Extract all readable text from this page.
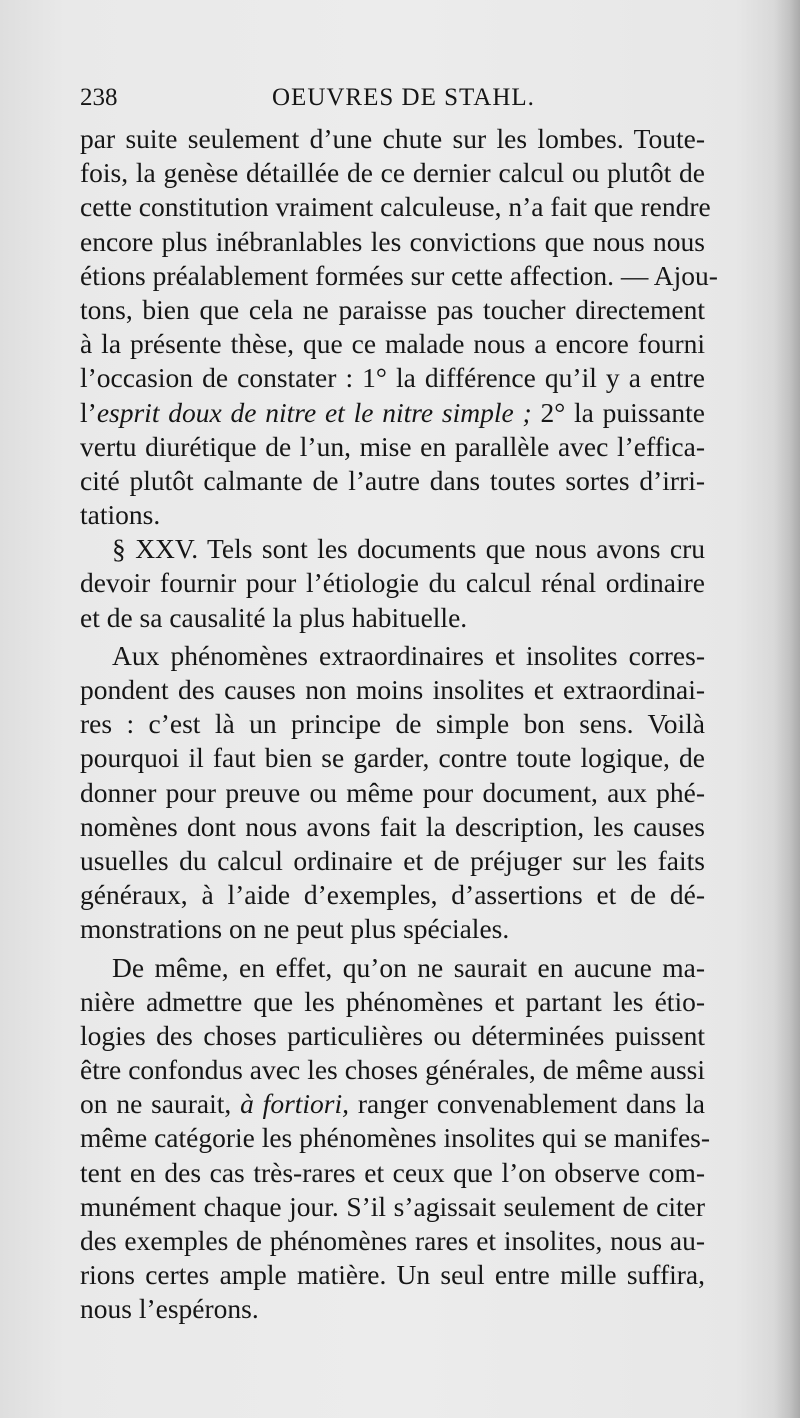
238	OEUVRES DE STAHL.
par suite seulement d’une chute sur les lombes. Toute-
fois, la genèse détaillée de ce dernier calcul ou plutôt de
cette constitution vraiment calculeuse, n’a fait que rendre
encore plus inébranlables les convictions que nous nous
étions préalablement formées sur cette affection. — Ajou-
tons, bien que cela ne paraisse pas toucher directement
à la présente thèse, que ce malade nous a encore fourni
l’occasion de constater : 1° la différence qu’il y a entre
l’esprit doux de nitre et le nitre simple ; 2° la puissante
vertu diurétique de l’un, mise en parallèle avec l’effica-
cité plutôt calmante de l’autre dans toutes sortes d’irri-
tations.
§ XXV. Tels sont les documents que nous avons cru
devoir fournir pour l’étiologie du calcul rénal ordinaire
et de sa causalité la plus habituelle.
Aux phénomènes extraordinaires et insolites corres-
pondent des causes non moins insolites et extraordinai-
res : c’est là un principe de simple bon sens. Voilà
pourquoi il faut bien se garder, contre toute logique, de
donner pour preuve ou même pour document, aux phé-
nomènes dont nous avons fait la description, les causes
usuelles du calcul ordinaire et de préjuger sur les faits
généraux, à l’aide d’exemples, d’assertions et de dé-
monstrations on ne peut plus spéciales.
De même, en effet, qu’on ne saurait en aucune ma-
nière admettre que les phénomènes et partant les étio-
logies des choses particulières ou déterminées puissent
être confondus avec les choses générales, de même aussi
on ne saurait, à fortiori, ranger convenablement dans la
même catégorie les phénomènes insolites qui se manifes-
tent en des cas très-rares et ceux que l’on observe com-
munément chaque jour. S’il s’agissait seulement de citer
des exemples de phénomènes rares et insolites, nous au-
rions certes ample matière. Un seul entre mille suffira,
nous l’espérons.
